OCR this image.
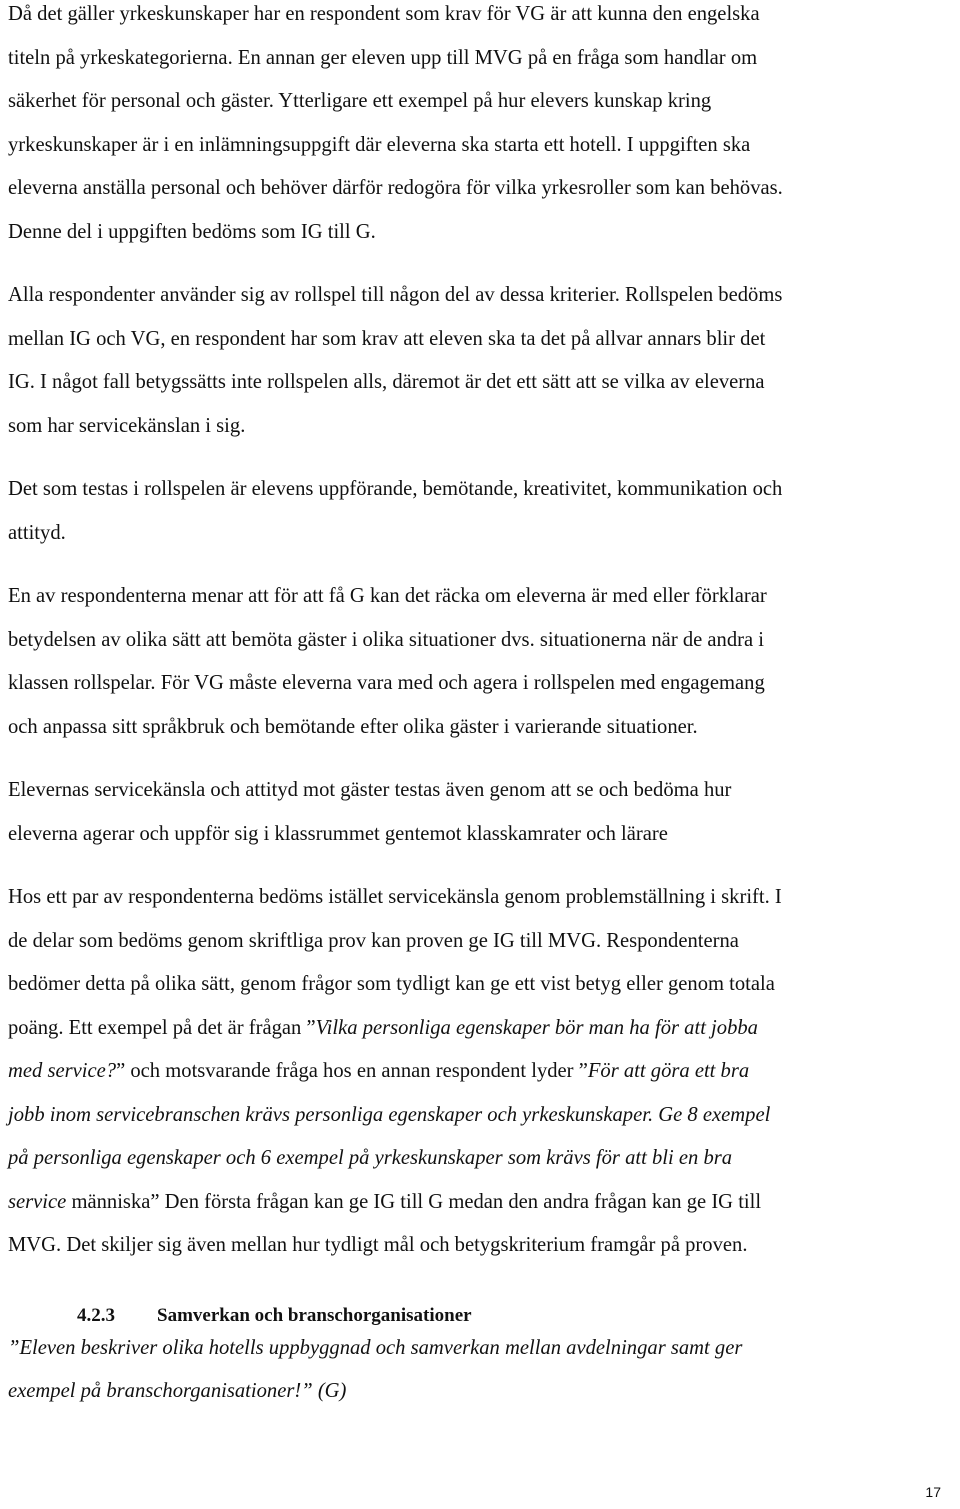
Då det gäller yrkeskunskaper har en respondent som krav för VG är att kunna den engelska
titeln på yrkeskategorierna. En annan ger eleven upp till MVG på en fråga som handlar om
säkerhet för personal och gäster. Ytterligare ett exempel på hur elevers kunskap kring
yrkeskunskaper är i en inlämningsuppgift där eleverna ska starta ett hotell. I uppgiften ska
eleverna anställa personal och behöver därför redogöra för vilka yrkesroller som kan behövas.
Denne del i uppgiften bedöms som IG till G.
Alla respondenter använder sig av rollspel till någon del av dessa kriterier. Rollspelen bedöms
mellan IG och VG, en respondent har som krav att eleven ska ta det på allvar annars blir det
IG. I något fall betygssätts inte rollspelen alls, däremot är det ett sätt att se vilka av eleverna
som har servicekänslan i sig.
Det som testas i rollspelen är elevens uppförande, bemötande, kreativitet, kommunikation och
attityd.
En av respondenterna menar att för att få G kan det räcka om eleverna är med eller förklarar
betydelsen av olika sätt att bemöta gäster i olika situationer dvs. situationerna när de andra i
klassen rollspelar. För VG måste eleverna vara med och agera i rollspelen med engagemang
och anpassa sitt språkbruk och bemötande efter olika gäster i varierande situationer.
Elevernas servicekänsla och attityd mot gäster testas även genom att se och bedöma hur
eleverna agerar och uppför sig i klassrummet gentemot klasskamrater och lärare
Hos ett par av respondenterna bedöms istället servicekänsla genom problemställning i skrift. I
de delar som bedöms genom skriftliga prov kan proven ge IG till MVG. Respondenterna
bedömer detta på olika sätt, genom frågor som tydligt kan ge ett vist betyg eller genom totala
poäng. Ett exempel på det är frågan ”Vilka personliga egenskaper bör man ha för att jobba
med service?” och motsvarande fråga hos en annan respondent lyder ”För att göra ett bra
jobb inom servicebranschen krävs personliga egenskaper och yrkeskunskaper. Ge 8 exempel
på personliga egenskaper och 6 exempel på yrkeskunskaper som krävs för att bli en bra
service människa” Den första frågan kan ge IG till G medan den andra frågan kan ge IG till
MVG. Det skiljer sig även mellan hur tydligt mål och betygskriterium framgår på proven.
4.2.3 Samverkan och branschorganisationer
”Eleven beskriver olika hotells uppbyggnad och samverkan mellan avdelningar samt ger
exempel på branschorganisationer!” (G)
17
